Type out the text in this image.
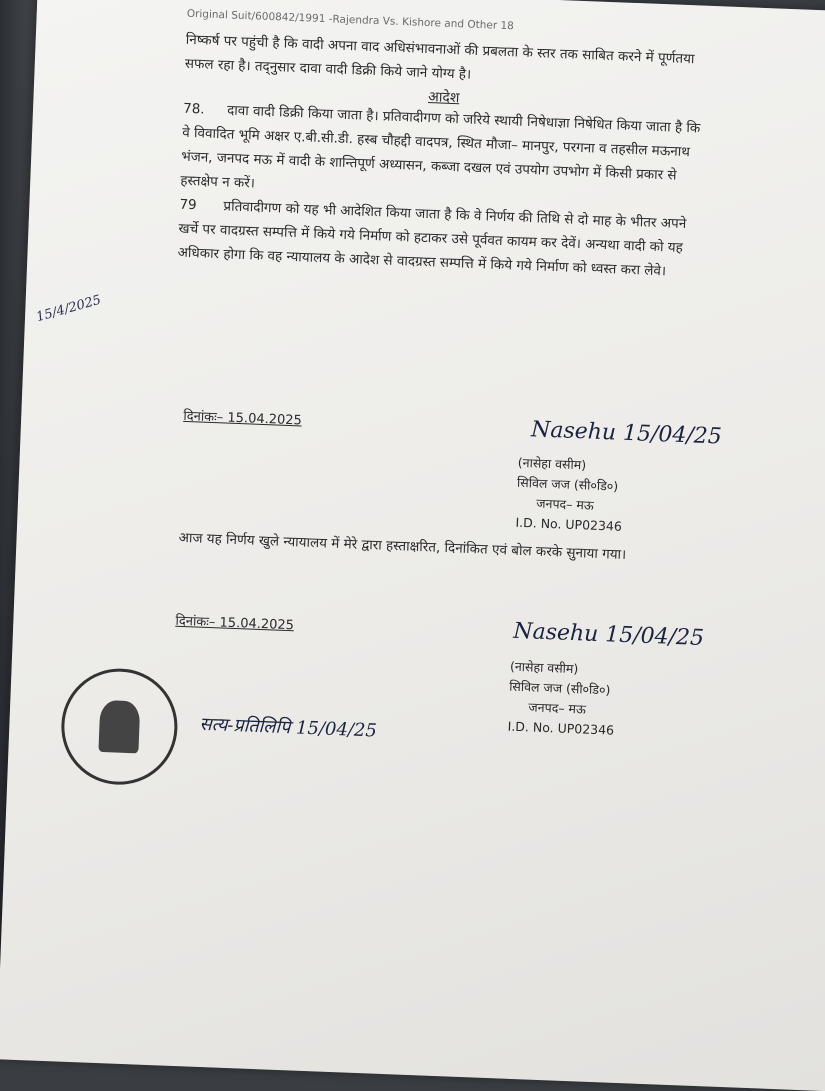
Original Suit/600842/1991 -Rajendra Vs. Kishore and Other 18

निष्कर्ष पर पहुंची है कि वादी अपना वाद अधिसंभावनाओं की प्रबलता के स्तर तक साबित करने में पूर्णतया सफल रहा है। तद्नुसार दावा वादी डिक्री किये जाने योग्य है।

आदेश

78. दावा वादी डिक्री किया जाता है। प्रतिवादीगण को जरिये स्थायी निषेधाज्ञा निषेधित किया जाता है कि वे विवादित भूमि अक्षर ए.बी.सी.डी. हस्ब चौहद्दी वादपत्र, स्थित मौजा– मानपुर, परगना व तहसील मऊनाथ भंजन, जनपद मऊ में वादी के शान्तिपूर्ण अध्यासन, कब्जा दखल एवं उपयोग उपभोग में किसी प्रकार से हस्तक्षेप न करें।

79 प्रतिवादीगण को यह भी आदेशित किया जाता है कि वे निर्णय की तिथि से दो माह के भीतर अपने खर्चे पर वादग्रस्त सम्पत्ति में किये गये निर्माण को हटाकर उसे पूर्ववत कायम कर देवें। अन्यथा वादी को यह अधिकार होगा कि वह न्यायालय के आदेश से वादग्रस्त सम्पत्ति में किये गये निर्माण को ध्वस्त करा लेवे।

15/4/2025
दिनांकः– 15.04.2025	Nasehu 15/04/25
(नासेहा वसीम)
सिविल जज (सी०डि०)
जनपद– मऊ
I.D. No. UP02346

आज यह निर्णय खुले न्यायालय में मेरे द्वारा हस्ताक्षरित, दिनांकित एवं बोल करके सुनाया गया।

दिनांकः– 15.04.2025	Nasehu 15/04/25
(नासेहा वसीम)
सिविल जज (सी०डि०)
जनपद– मऊ
I.D. No. UP02346
सत्य-प्रतिलिपि 15/04/25
